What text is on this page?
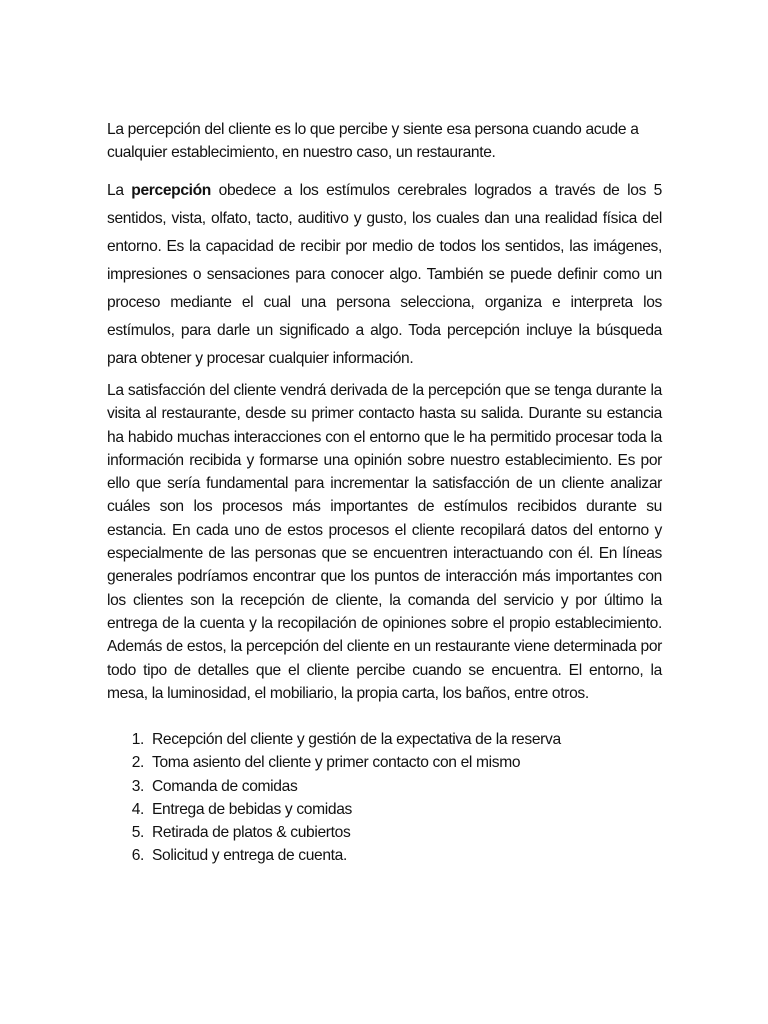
La percepción del cliente es lo que percibe y siente esa persona cuando acude a cualquier establecimiento, en nuestro caso, un restaurante.

La percepción obedece a los estímulos cerebrales logrados a través de los 5 sentidos, vista, olfato, tacto, auditivo y gusto, los cuales dan una realidad física del entorno. Es la capacidad de recibir por medio de todos los sentidos, las imágenes, impresiones o sensaciones para conocer algo. También se puede definir como un proceso mediante el cual una persona selecciona, organiza e interpreta los estímulos, para darle un significado a algo. Toda percepción incluye la búsqueda para obtener y procesar cualquier información.

La satisfacción del cliente vendrá derivada de la percepción que se tenga durante la visita al restaurante, desde su primer contacto hasta su salida. Durante su estancia ha habido muchas interacciones con el entorno que le ha permitido procesar toda la información recibida y formarse una opinión sobre nuestro establecimiento. Es por ello que sería fundamental para incrementar la satisfacción de un cliente analizar cuáles son los procesos más importantes de estímulos recibidos durante su estancia. En cada uno de estos procesos el cliente recopilará datos del entorno y especialmente de las personas que se encuentren interactuando con él. En líneas generales podríamos encontrar que los puntos de interacción más importantes con los clientes son la recepción de cliente, la comanda del servicio y por último la entrega de la cuenta y la recopilación de opiniones sobre el propio establecimiento. Además de estos, la percepción del cliente en un restaurante viene determinada por todo tipo de detalles que el cliente percibe cuando se encuentra. El entorno, la mesa, la luminosidad, el mobiliario, la propia carta, los baños, entre otros.

1. Recepción del cliente y gestión de la expectativa de la reserva
2. Toma asiento del cliente y primer contacto con el mismo
3. Comanda de comidas
4. Entrega de bebidas y comidas
5. Retirada de platos & cubiertos
6. Solicitud y entrega de cuenta.
